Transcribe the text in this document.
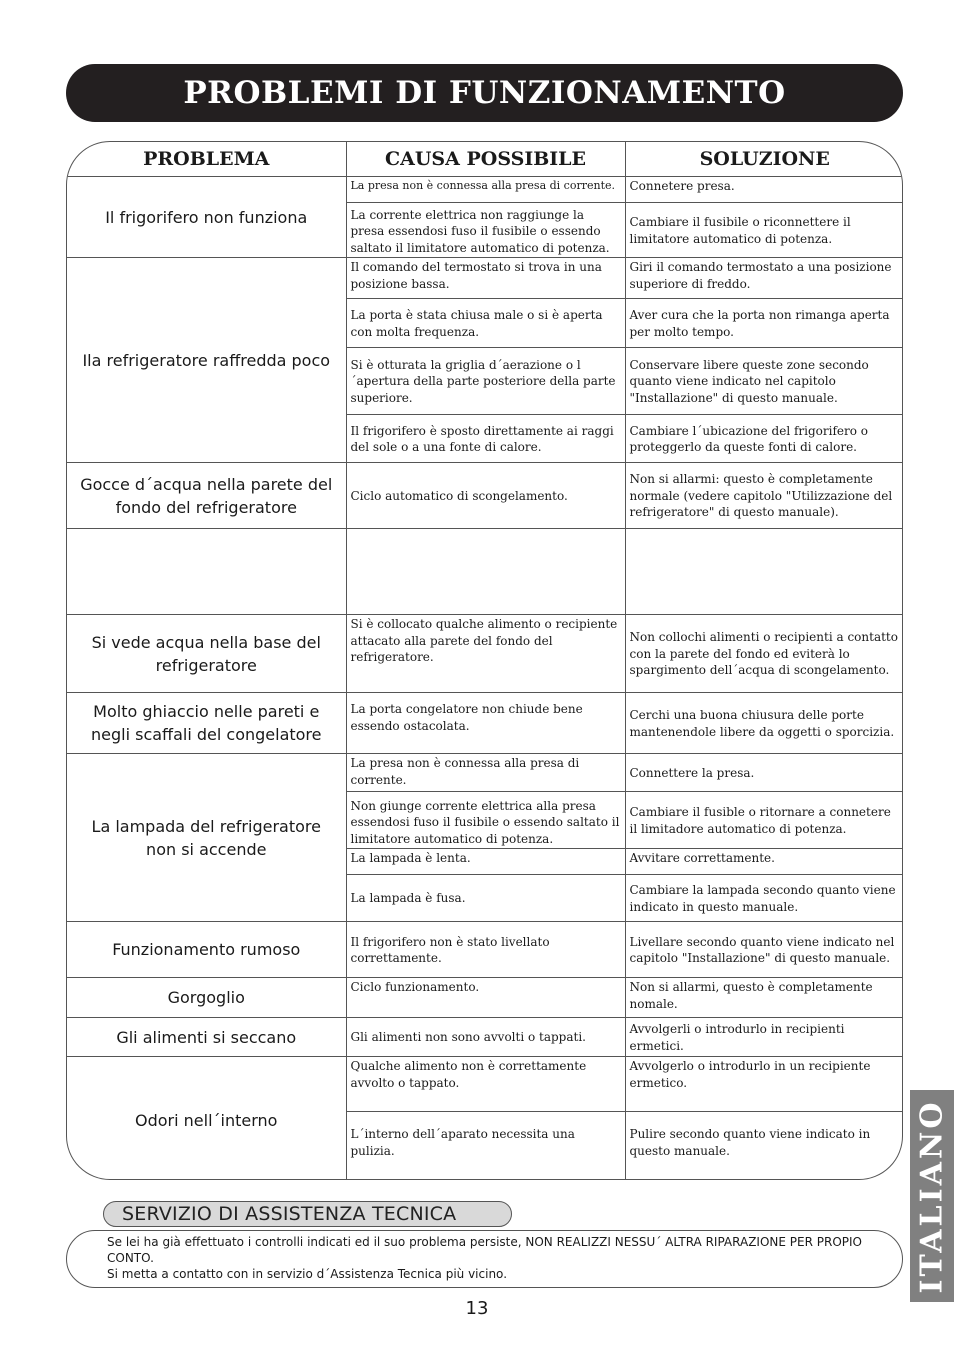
PROBLEMI DI FUNZIONAMENTO
PROBLEMA	CAUSA POSSIBILE	SOLUZIONE
Il frigorifero non funziona	La presa non è connessa alla presa di corrente.	Connetere presa.
	La corrente elettrica non raggiunge la presa essendosi fuso il fusibile o essendo saltato il limitatore automatico di potenza.	Cambiare il fusibile o riconnettere il limitatore automatico di potenza.
Ila refrigeratore raffredda poco	Il comando del termostato si trova in una posizione bassa.	Giri il comando termostato a una posizione superiore di freddo.
	La porta è stata chiusa male o si è aperta con molta frequenza.	Aver cura che la porta non rimanga aperta per molto tempo.
	Si è otturata la griglia d´aerazione o l´apertura della parte posteriore della parte superiore.	Conservare libere queste zone secondo quanto viene indicato nel capitolo "Installazione" di questo manuale.
	Il frigorifero è sposto direttamente ai raggi del sole o a una fonte di calore.	Cambiare l´ubicazione del frigorifero o proteggerlo da queste fonti di calore.
Gocce d´acqua nella parete del fondo del refrigeratore	Ciclo automatico di scongelamento.	Non si allarmi: questo è completamente normale (vedere capitolo "Utilizzazione del refrigeratore" di questo manuale).

Si vede acqua nella base del refrigeratore	Si è collocato qualche alimento o recipiente attacato alla parete del fondo del refrigeratore.	Non collochi alimenti o recipienti a contatto con la parete del fondo ed eviterà lo spargimento dell´acqua di scongelamento.
Molto ghiaccio nelle pareti e negli scaffali del congelatore	La porta congelatore non chiude bene essendo ostacolata.	Cerchi una buona chiusura delle porte mantenendole libere da oggetti o sporcizia.
La lampada del refrigeratore non si accende	La presa non è connessa alla presa di corrente.	Connettere la presa.
	Non giunge corrente elettrica alla presa essendosi fuso il fusibile o essendo saltato il limitatore automatico di potenza.	Cambiare il fusible o ritornare a connetere il limitadore automatico di potenza.
	La lampada è lenta.	Avvitare correttamente.
	La lampada è fusa.	Cambiare la lampada secondo quanto viene indicato in questo manuale.
Funzionamento rumoso	Il frigorifero non è stato livellato correttamente.	Livellare secondo quanto viene indicato nel capitolo "Installazione" di questo manuale.
Gorgoglio	Ciclo funzionamento.	Non si allarmi, questo è completamente nomale.
Gli alimenti si seccano	Gli alimenti non sono avvolti o tappati.	Avvolgerli o introdurlo in recipienti ermetici.
Odori nell´interno	Qualche alimento non è correttamente avvolto o tappato.	Avvolgerlo o introdurlo in un recipiente ermetico.
	L´interno dell´aparato necessita una pulizia.	Pulire secondo quanto viene indicato in questo manuale.
SERVIZIO DI ASSISTENZA TECNICA

Se lei ha già effettuato i controlli indicati ed il suo problema persiste, NON REALIZZI NESSU´ ALTRA RIPARAZIONE PER PROPIO CONTO.

Si metta a contatto con in servizio d´Assistenza Tecnica più vicino.

13
ITALIANO
